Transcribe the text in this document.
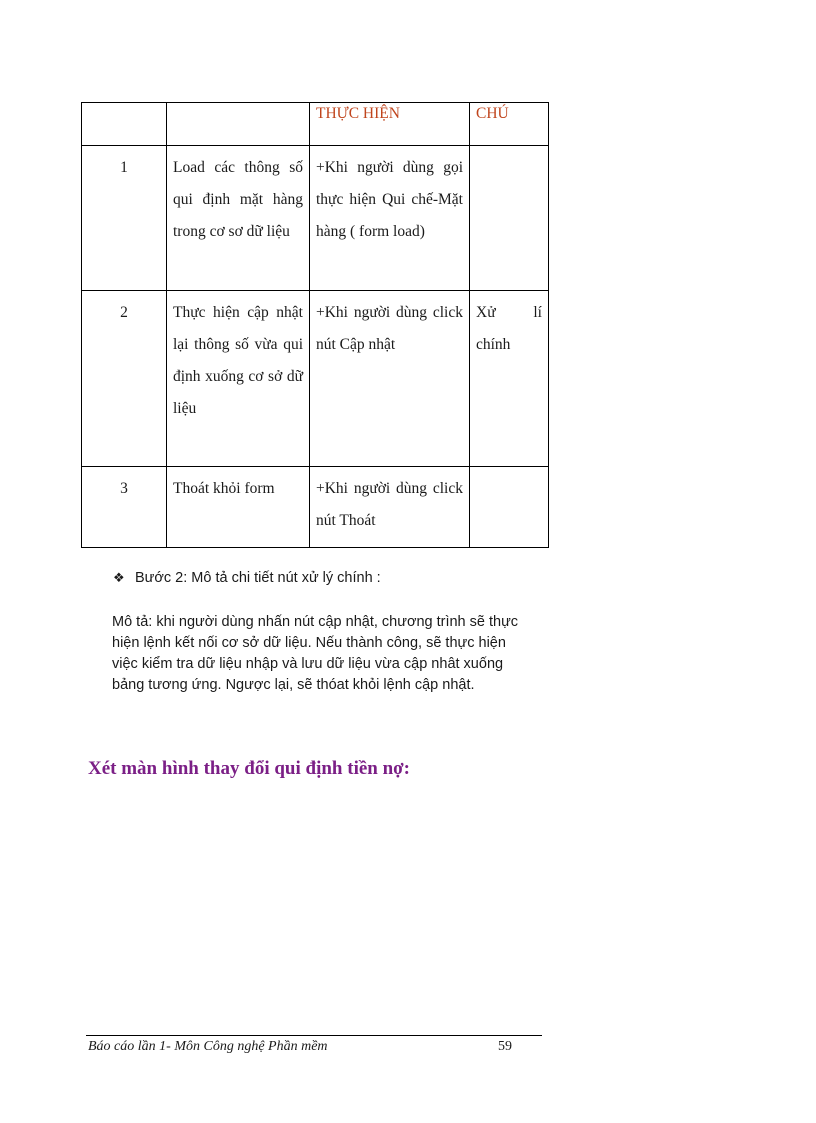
		THỰC HIỆN	CHÚ
1	Load các thông số qui định mặt hàng trong cơ sơ dữ liệu	+Khi người dùng gọi thực hiện Qui chế-Mặt hàng ( form load)	
2	Thực hiện cập nhật lại thông số vừa qui định xuống cơ sở dữ liệu	+Khi người dùng click nút Cập nhật	Xử lí chính
3	Thoát khỏi form	+Khi người dùng click nút Thoát	
❖ Bước 2: Mô tả chi tiết nút xử lý chính :
Mô tả: khi người dùng nhấn nút cập nhật, chương trình sẽ thực hiện lệnh kết nối cơ sở dữ liệu. Nếu thành công, sẽ thực hiện việc kiểm tra dữ liệu nhập và lưu dữ liệu vừa cập nhât xuống bảng tương ứng. Ngược lại, sẽ thóat khỏi lệnh cập nhật.
Xét màn hình thay đổi qui định tiền nợ:
Báo cáo lần 1- Môn Công nghệ Phần mềm	59
